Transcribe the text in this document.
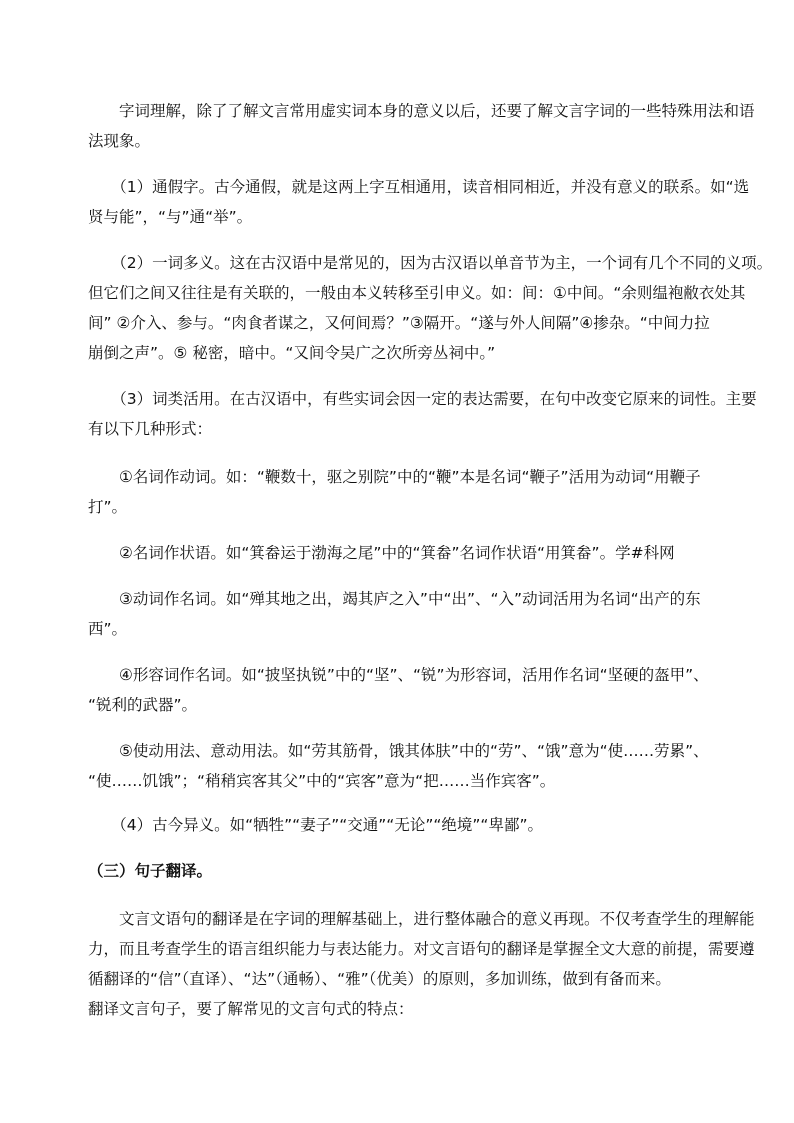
　　字词理解，除了了解文言常用虚实词本身的意义以后，还要了解文言字词的一些特殊用法和语
法现象。
　　（1）通假字。古今通假，就是这两上字互相通用，读音相同相近，并没有意义的联系。如“选
贤与能”，“与”通“举”。
　　（2）一词多义。这在古汉语中是常见的，因为古汉语以单音节为主，一个词有几个不同的义项。
但它们之间又往往是有关联的，一般由本义转移至引申义。如：间：①中间。“余则缊袍敝衣处其
间” ②介入、参与。“肉食者谋之，又何间焉？”③隔开。“遂与外人间隔”④掺杂。“中间力拉
崩倒之声”。⑤ 秘密，暗中。“又间令吴广之次所旁丛祠中。”
　　（3）词类活用。在古汉语中，有些实词会因一定的表达需要，在句中改变它原来的词性。主要
有以下几种形式：
　　①名词作动词。如：“鞭数十，驱之别院”中的“鞭”本是名词“鞭子”活用为动词“用鞭子
打”。
　　②名词作状语。如“箕畚运于渤海之尾”中的“箕畚”名词作状语“用箕畚”。学#科网
　　③动词作名词。如“殚其地之出，竭其庐之入”中“出”、“入”动词活用为名词“出产的东
西”。
　　④形容词作名词。如“披坚执锐”中的“坚”、“锐”为形容词，活用作名词“坚硬的盔甲”、
“锐利的武器”。
　　⑤使动用法、意动用法。如“劳其筋骨，饿其体肤”中的“劳”、“饿”意为“使……劳累”、
“使……饥饿”；“稍稍宾客其父”中的“宾客”意为“把……当作宾客”。
　　（4）古今异义。如“牺牲”“妻子”“交通”“无论”“绝境”“卑鄙”。
（三）句子翻译。
　　文言文语句的翻译是在字词的理解基础上，进行整体融合的意义再现。不仅考查学生的理解能
力，而且考查学生的语言组织能力与表达能力。对文言语句的翻译是掌握全文大意的前提，需要遵
循翻译的“信”（直译）、“达”（通畅）、“雅”（优美）的原则，多加训练，做到有备而来。
翻译文言句子，要了解常见的文言句式的特点：
